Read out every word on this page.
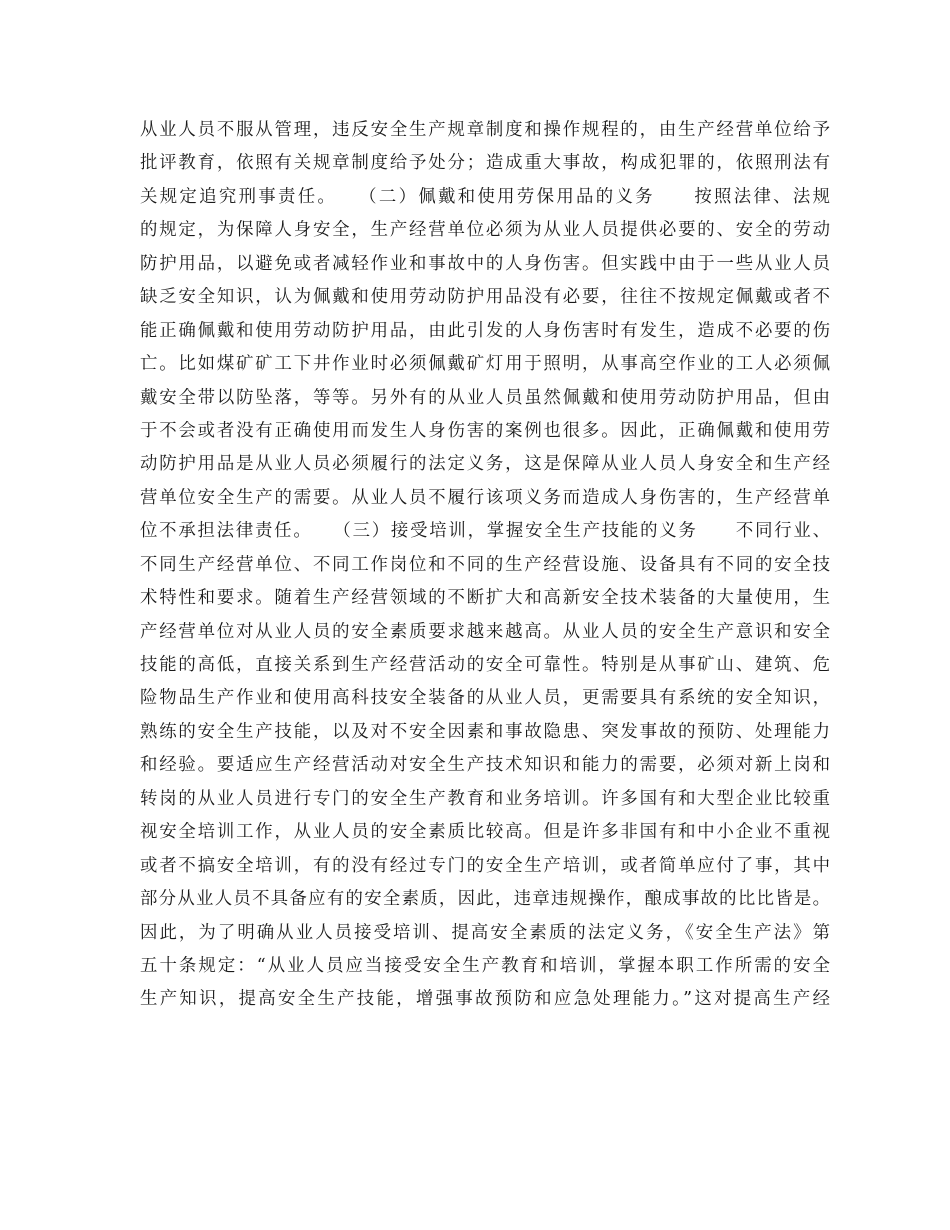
从业人员不服从管理，违反安全生产规章制度和操作规程的，由生产经营单位给予
批评教育，依照有关规章制度给予处分；造成重大事故，构成犯罪的，依照刑法有
关规定追究刑事责任。　　（二）佩戴和使用劳保用品的义务　　按照法律、法规
的规定，为保障人身安全，生产经营单位必须为从业人员提供必要的、安全的劳动
防护用品，以避免或者减轻作业和事故中的人身伤害。但实践中由于一些从业人员
缺乏安全知识，认为佩戴和使用劳动防护用品没有必要，往往不按规定佩戴或者不
能正确佩戴和使用劳动防护用品，由此引发的人身伤害时有发生，造成不必要的伤
亡。比如煤矿矿工下井作业时必须佩戴矿灯用于照明，从事高空作业的工人必须佩
戴安全带以防坠落，等等。另外有的从业人员虽然佩戴和使用劳动防护用品，但由
于不会或者没有正确使用而发生人身伤害的案例也很多。因此，正确佩戴和使用劳
动防护用品是从业人员必须履行的法定义务，这是保障从业人员人身安全和生产经
营单位安全生产的需要。从业人员不履行该项义务而造成人身伤害的，生产经营单
位不承担法律责任。　　（三）接受培训，掌握安全生产技能的义务　　不同行业、
不同生产经营单位、不同工作岗位和不同的生产经营设施、设备具有不同的安全技
术特性和要求。随着生产经营领域的不断扩大和高新安全技术装备的大量使用，生
产经营单位对从业人员的安全素质要求越来越高。从业人员的安全生产意识和安全
技能的高低，直接关系到生产经营活动的安全可靠性。特别是从事矿山、建筑、危
险物品生产作业和使用高科技安全装备的从业人员，更需要具有系统的安全知识，
熟练的安全生产技能，以及对不安全因素和事故隐患、突发事故的预防、处理能力
和经验。要适应生产经营活动对安全生产技术知识和能力的需要，必须对新上岗和
转岗的从业人员进行专门的安全生产教育和业务培训。许多国有和大型企业比较重
视安全培训工作，从业人员的安全素质比较高。但是许多非国有和中小企业不重视
或者不搞安全培训，有的没有经过专门的安全生产培训，或者简单应付了事，其中
部分从业人员不具备应有的安全素质，因此，违章违规操作，酿成事故的比比皆是。
因此，为了明确从业人员接受培训、提高安全素质的法定义务，《安全生产法》第
五十条规定：“从业人员应当接受安全生产教育和培训，掌握本职工作所需的安全
生产知识，提高安全生产技能，增强事故预防和应急处理能力。”这对提高生产经
